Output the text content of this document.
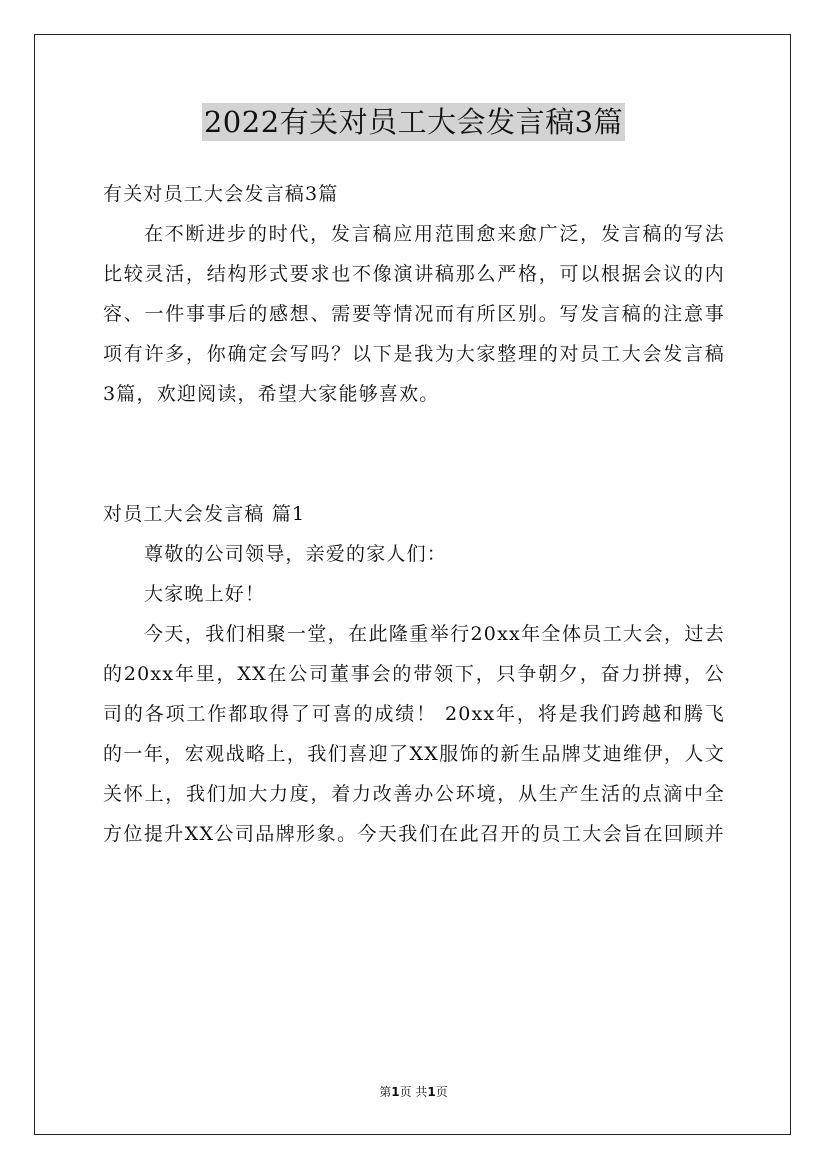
2022有关对员工大会发言稿3篇
有关对员工大会发言稿3篇
在不断进步的时代，发言稿应用范围愈来愈广泛，发言稿的写法
比较灵活，结构形式要求也不像演讲稿那么严格，可以根据会议的内
容、一件事事后的感想、需要等情况而有所区别。写发言稿的注意事
项有许多，你确定会写吗？以下是我为大家整理的对员工大会发言稿
3篇，欢迎阅读，希望大家能够喜欢。
对员工大会发言稿 篇1
尊敬的公司领导，亲爱的家人们：
大家晚上好！
今天，我们相聚一堂，在此隆重举行20xx年全体员工大会，过去
的20xx年里，XX在公司董事会的带领下，只争朝夕，奋力拼搏，公
司的各项工作都取得了可喜的成绩！ 20xx年，将是我们跨越和腾飞
的一年，宏观战略上，我们喜迎了XX服饰的新生品牌艾迪维伊，人文
关怀上，我们加大力度，着力改善办公环境，从生产生活的点滴中全
方位提升XX公司品牌形象。今天我们在此召开的员工大会旨在回顾并
第1页 共1页
